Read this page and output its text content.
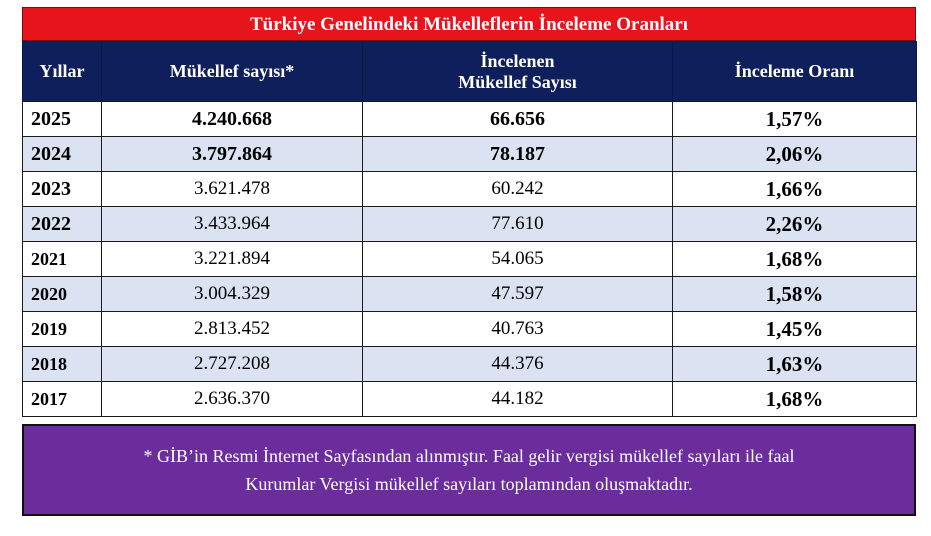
Türkiye Genelindeki Mükelleflerin İnceleme Oranları
Yıllar	Mükellef sayısı*	İncelenen
Mükellef Sayısı	İnceleme Oranı
2025	4.240.668	66.656	1,57%
2024	3.797.864	78.187	2,06%
2023	3.621.478	60.242	1,66%
2022	3.433.964	77.610	2,26%
2021	3.221.894	54.065	1,68%
2020	3.004.329	47.597	1,58%
2019	2.813.452	40.763	1,45%
2018	2.727.208	44.376	1,63%
2017	2.636.370	44.182	1,68%
* GİB’in Resmi İnternet Sayfasından alınmıştır. Faal gelir vergisi mükellef sayıları ile faal
Kurumlar Vergisi mükellef sayıları toplamından oluşmaktadır.
